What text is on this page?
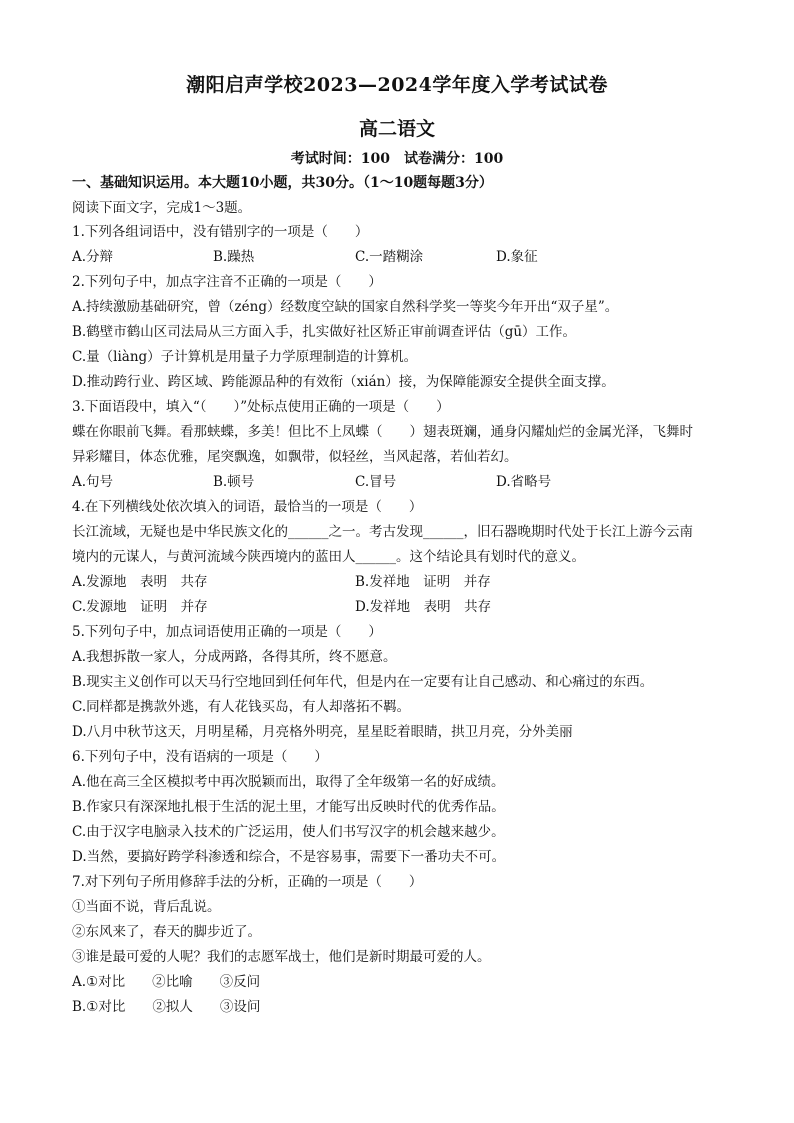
潮阳启声学校2023—2024学年度入学考试试卷
高二语文
考试时间：100　试卷满分：100
一、基础知识运用。本大题10小题，共30分。（1～10题每题3分）
阅读下面文字，完成1～3题。
1.下列各组词语中，没有错别字的一项是（　　）
A.分辩	B.躁热	C.一踏糊涂	D.象征
2.下列句子中，加点字注音不正确的一项是（　　）
A.持续激励基础研究，曾（zéng）经数度空缺的国家自然科学奖一等奖今年开出“双子星”。
B.鹤壁市鹤山区司法局从三方面入手，扎实做好社区矫正审前调查评估（gū）工作。
C.量（liàng）子计算机是用量子力学原理制造的计算机。
D.推动跨行业、跨区域、跨能源品种的有效衔（xián）接，为保障能源安全提供全面支撑。
3.下面语段中，填入“（　　）”处标点使用正确的一项是（　　）
蝶在你眼前飞舞。看那蛱蝶，多美！但比不上凤蝶（　　）翅表斑斓，通身闪耀灿烂的金属光泽，飞舞时
异彩耀目，体态优雅，尾突飘逸，如飘带，似轻丝，当风起落，若仙若幻。
A.句号	B.顿号	C.冒号	D.省略号
4.在下列横线处依次填入的词语，最恰当的一项是（　　）
长江流域，无疑也是中华民族文化的______之一。考古发现______，旧石器晚期时代处于长江上游今云南
境内的元谋人，与黄河流域今陕西境内的蓝田人______。这个结论具有划时代的意义。
A.发源地　表明　共存	B.发祥地　证明　并存
C.发源地　证明　并存	D.发祥地　表明　共存
5.下列句子中，加点词语使用正确的一项是（　　）
A.我想拆散一家人，分成两路，各得其所，终不愿意。
B.现实主义创作可以天马行空地回到任何年代，但是内在一定要有让自己感动、和心痛过的东西。
C.同样都是携款外逃，有人花钱买岛，有人却落拓不羁。
D.八月中秋节这天，月明星稀，月亮格外明亮，星星眨着眼睛，拱卫月亮，分外美丽
6.下列句子中，没有语病的一项是（　　）
A.他在高三全区模拟考中再次脱颖而出，取得了全年级第一名的好成绩。
B.作家只有深深地扎根于生活的泥土里，才能写出反映时代的优秀作品。
C.由于汉字电脑录入技术的广泛运用，使人们书写汉字的机会越来越少。
D.当然，要搞好跨学科渗透和综合，不是容易事，需要下一番功夫不可。
7.对下列句子所用修辞手法的分析，正确的一项是（　　）
①当面不说，背后乱说。
②东风来了，春天的脚步近了。
③谁是最可爱的人呢？我们的志愿军战士，他们是新时期最可爱的人。
A.①对比　　②比喻　　③反问
B.①对比　　②拟人　　③设问
